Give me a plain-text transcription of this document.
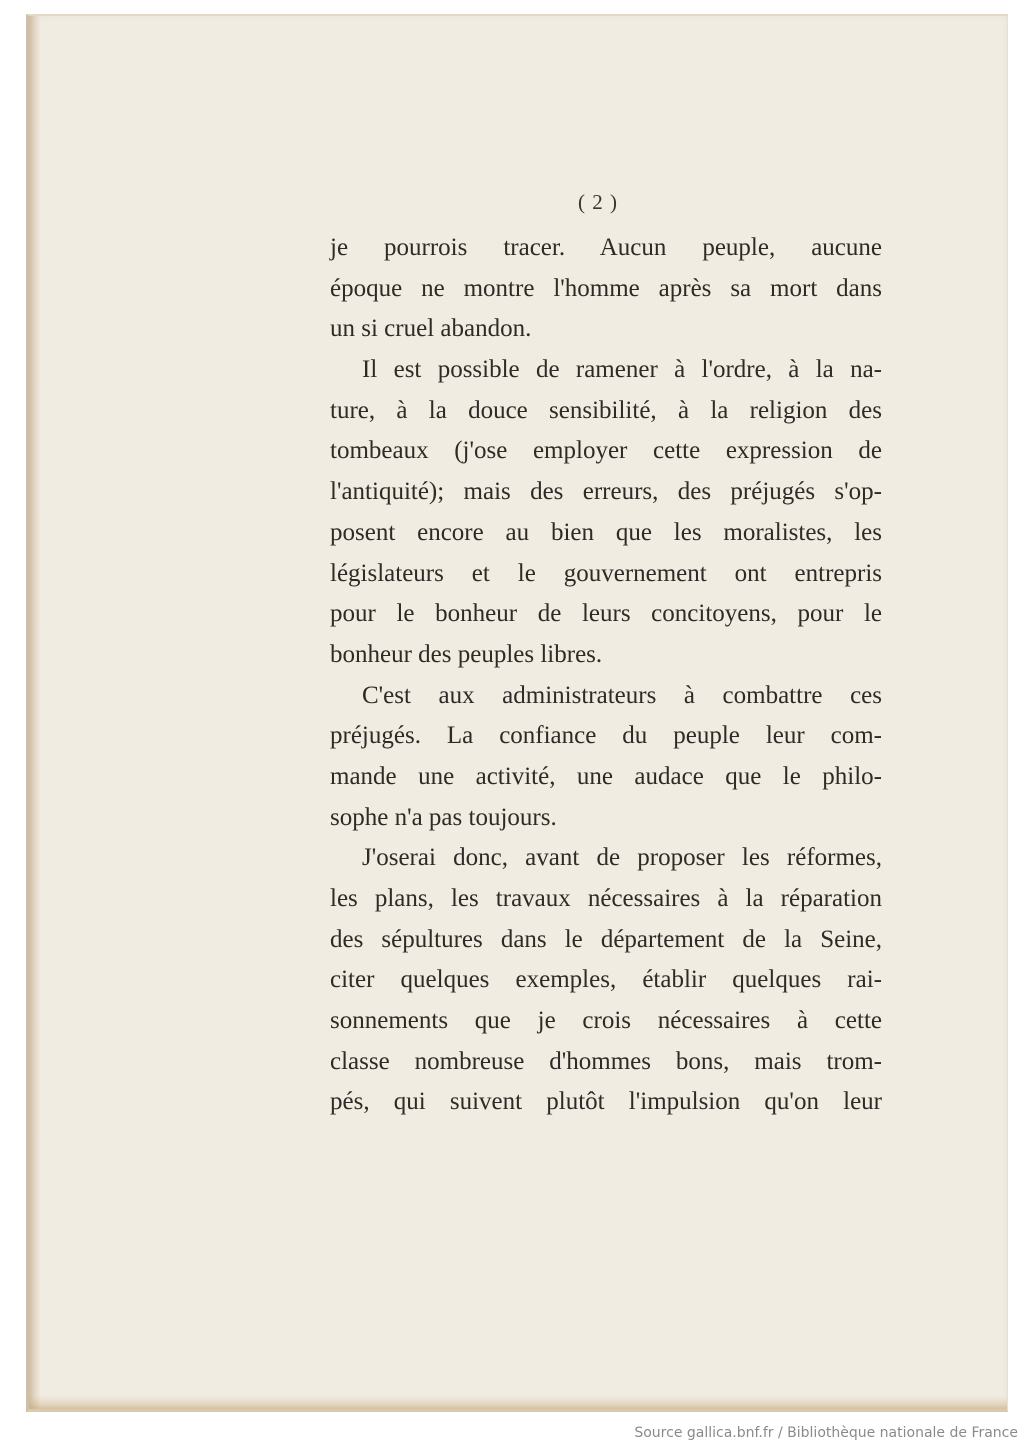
( 2 )
je pourrois tracer. Aucun peuple, aucune
époque ne montre l'homme après sa mort dans
un si cruel abandon.
Il est possible de ramener à l'ordre, à la na-
ture, à la douce sensibilité, à la religion des
tombeaux (j'ose employer cette expression de
l'antiquité); mais des erreurs, des préjugés s'op-
posent encore au bien que les moralistes, les
législateurs et le gouvernement ont entrepris
pour le bonheur de leurs concitoyens, pour le
bonheur des peuples libres.
C'est aux administrateurs à combattre ces
préjugés. La confiance du peuple leur com-
mande une activité, une audace que le philo-
sophe n'a pas toujours.
J'oserai donc, avant de proposer les réformes,
les plans, les travaux nécessaires à la réparation
des sépultures dans le département de la Seine,
citer quelques exemples, établir quelques rai-
sonnements que je crois nécessaires à cette
classe nombreuse d'hommes bons, mais trom-
pés, qui suivent plutôt l'impulsion qu'on leur
Source gallica.bnf.fr / Bibliothèque nationale de France
